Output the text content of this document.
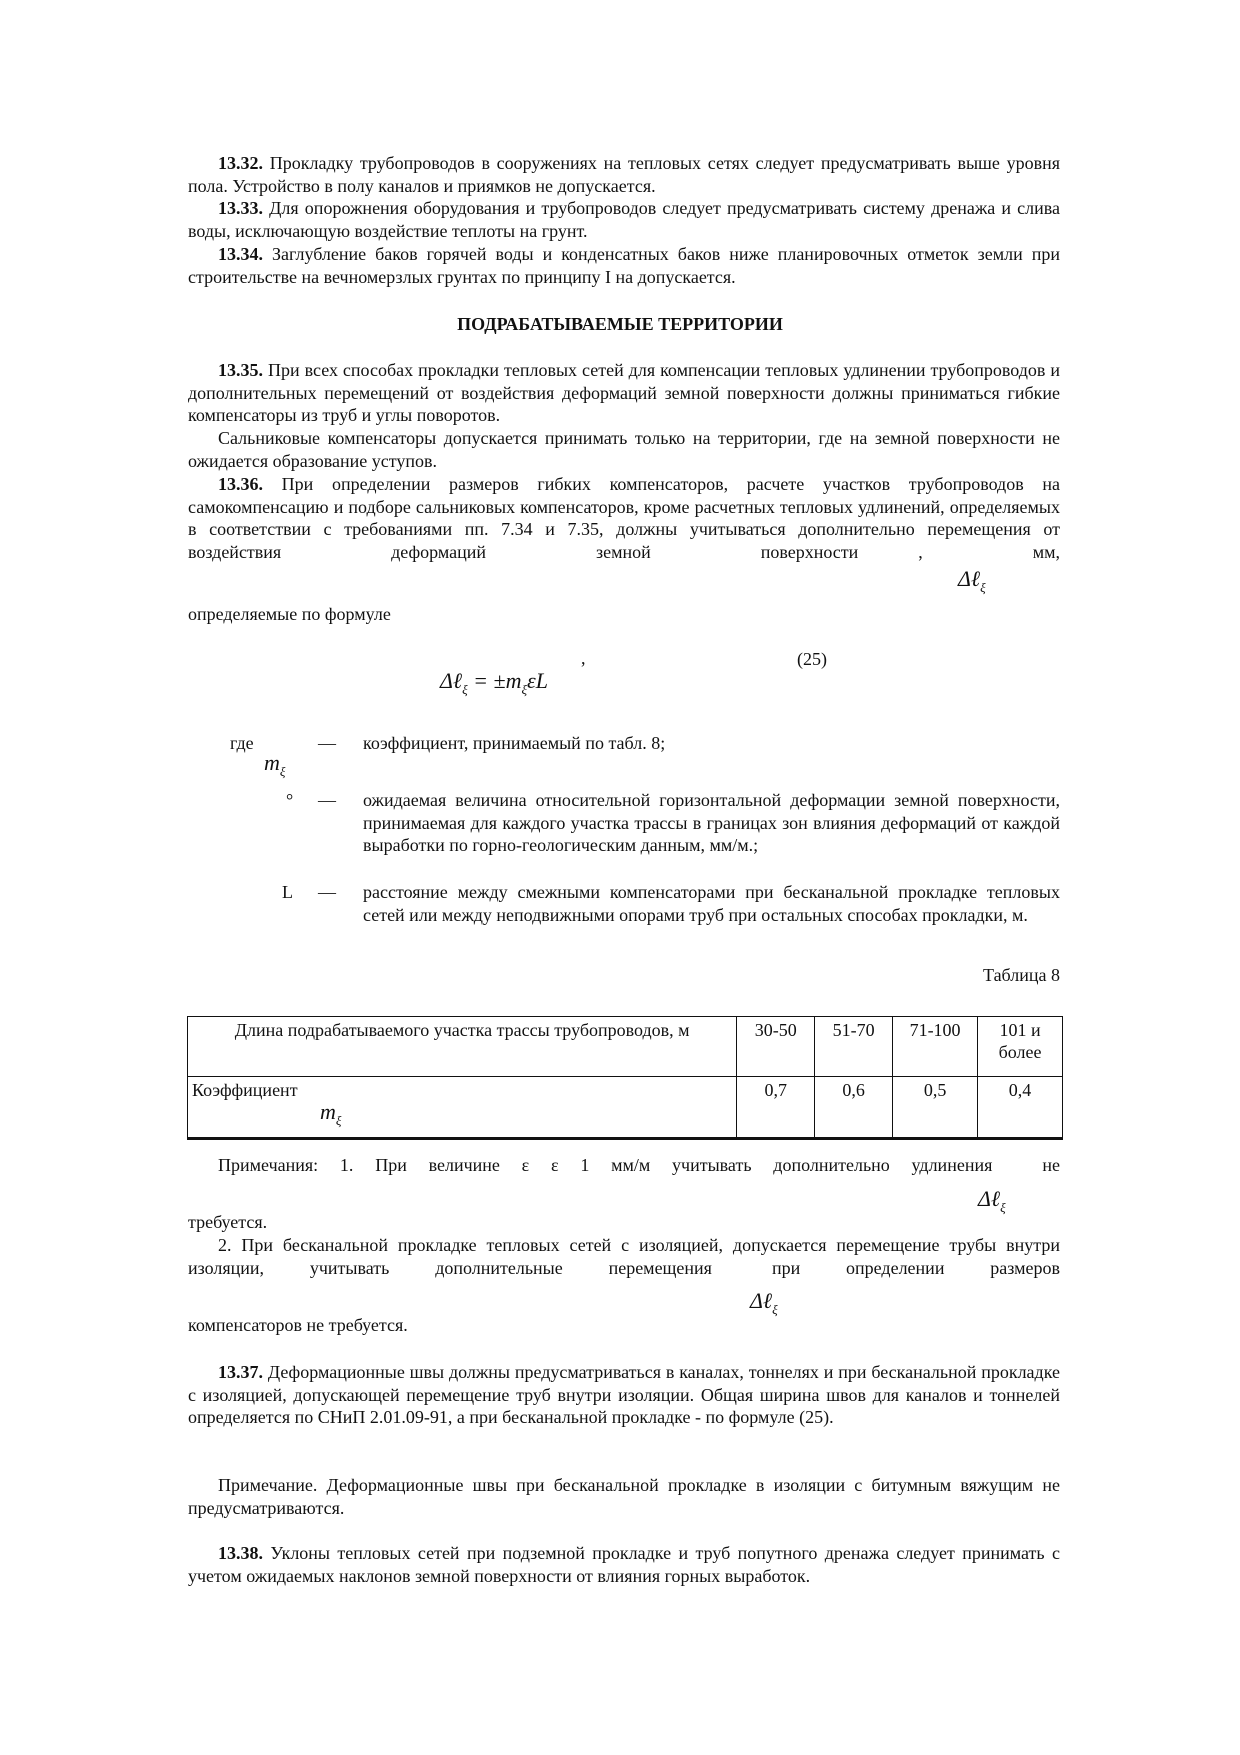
13.32. Прокладку трубопроводов в сооружениях на тепловых сетях следует предусматривать выше уровня пола. Устройство в полу каналов и приямков не допускается.
13.33. Для опорожнения оборудования и трубопроводов следует предусматривать систему дренажа и слива воды, исключающую воздействие теплоты на грунт.
13.34. Заглубление баков горячей воды и конденсатных баков ниже планировочных отметок земли при строительстве на вечномерзлых грунтах по принципу I на допускается.
ПОДРАБАТЫВАЕМЫЕ ТЕРРИТОРИИ
13.35. При всех способах прокладки тепловых сетей для компенсации тепловых удлинении трубопроводов и дополнительных перемещений от воздействия деформаций земной поверхности должны приниматься гибкие компенсаторы из труб и углы поворотов.
Сальниковые компенсаторы допускается принимать только на территории, где на земной поверхности не ожидается образование уступов.
13.36. При определении размеров гибких компенсаторов, расчете участков трубопроводов на самокомпенсацию и подборе сальниковых компенсаторов, кроме расчетных тепловых удлинений, определяемых в соответствии с требованиями пп. 7.34 и 7.35, должны учитываться дополнительно перемещения от воздействия деформаций земной поверхности	, мм,
Δℓ$_\xi$
определяемые по формуле
,	(25)
Δℓ$_\xi$ = $\pm m_\xi\varepsilon L$
где	— коэффициент, принимаемый по табл. 8;
$m_\xi$
° — ожидаемая величина относительной горизонтальной деформации земной поверхности, принимаемая для каждого участка трассы в границах зон влияния деформаций от каждой выработки по горно-геологическим данным, мм/м.;
L — расстояние между смежными компенсаторами при бесканальной прокладке тепловых сетей или между неподвижными опорами труб при остальных способах прокладки, м.
Таблица 8
Длина подрабатываемого участка трассы трубопроводов, м	30-50	51-70	71-100	101 и более

Коэффициент
$m_\xi$	0,7	0,6	0,5	0,4
Примечания: 1. При величине ε ε 1 мм/м учитывать дополнительно удлинения	не
Δℓ$_\xi$
требуется.
2. При бесканальной прокладке тепловых сетей с изоляцией, допускается перемещение трубы внутри изоляции, учитывать дополнительные перемещения	при определении размеров
Δℓ$_\xi$
компенсаторов не требуется.
13.37. Деформационные швы должны предусматриваться в каналах, тоннелях и при бесканальной прокладке с изоляцией, допускающей перемещение труб внутри изоляции. Общая ширина швов для каналов и тоннелей определяется по СНиП 2.01.09-91, а при бесканальной прокладке - по формуле (25).
Примечание. Деформационные швы при бесканальной прокладке в изоляции с битумным вяжущим не предусматриваются.
13.38. Уклоны тепловых сетей при подземной прокладке и труб попутного дренажа следует принимать с учетом ожидаемых наклонов земной поверхности от влияния горных выработок.
